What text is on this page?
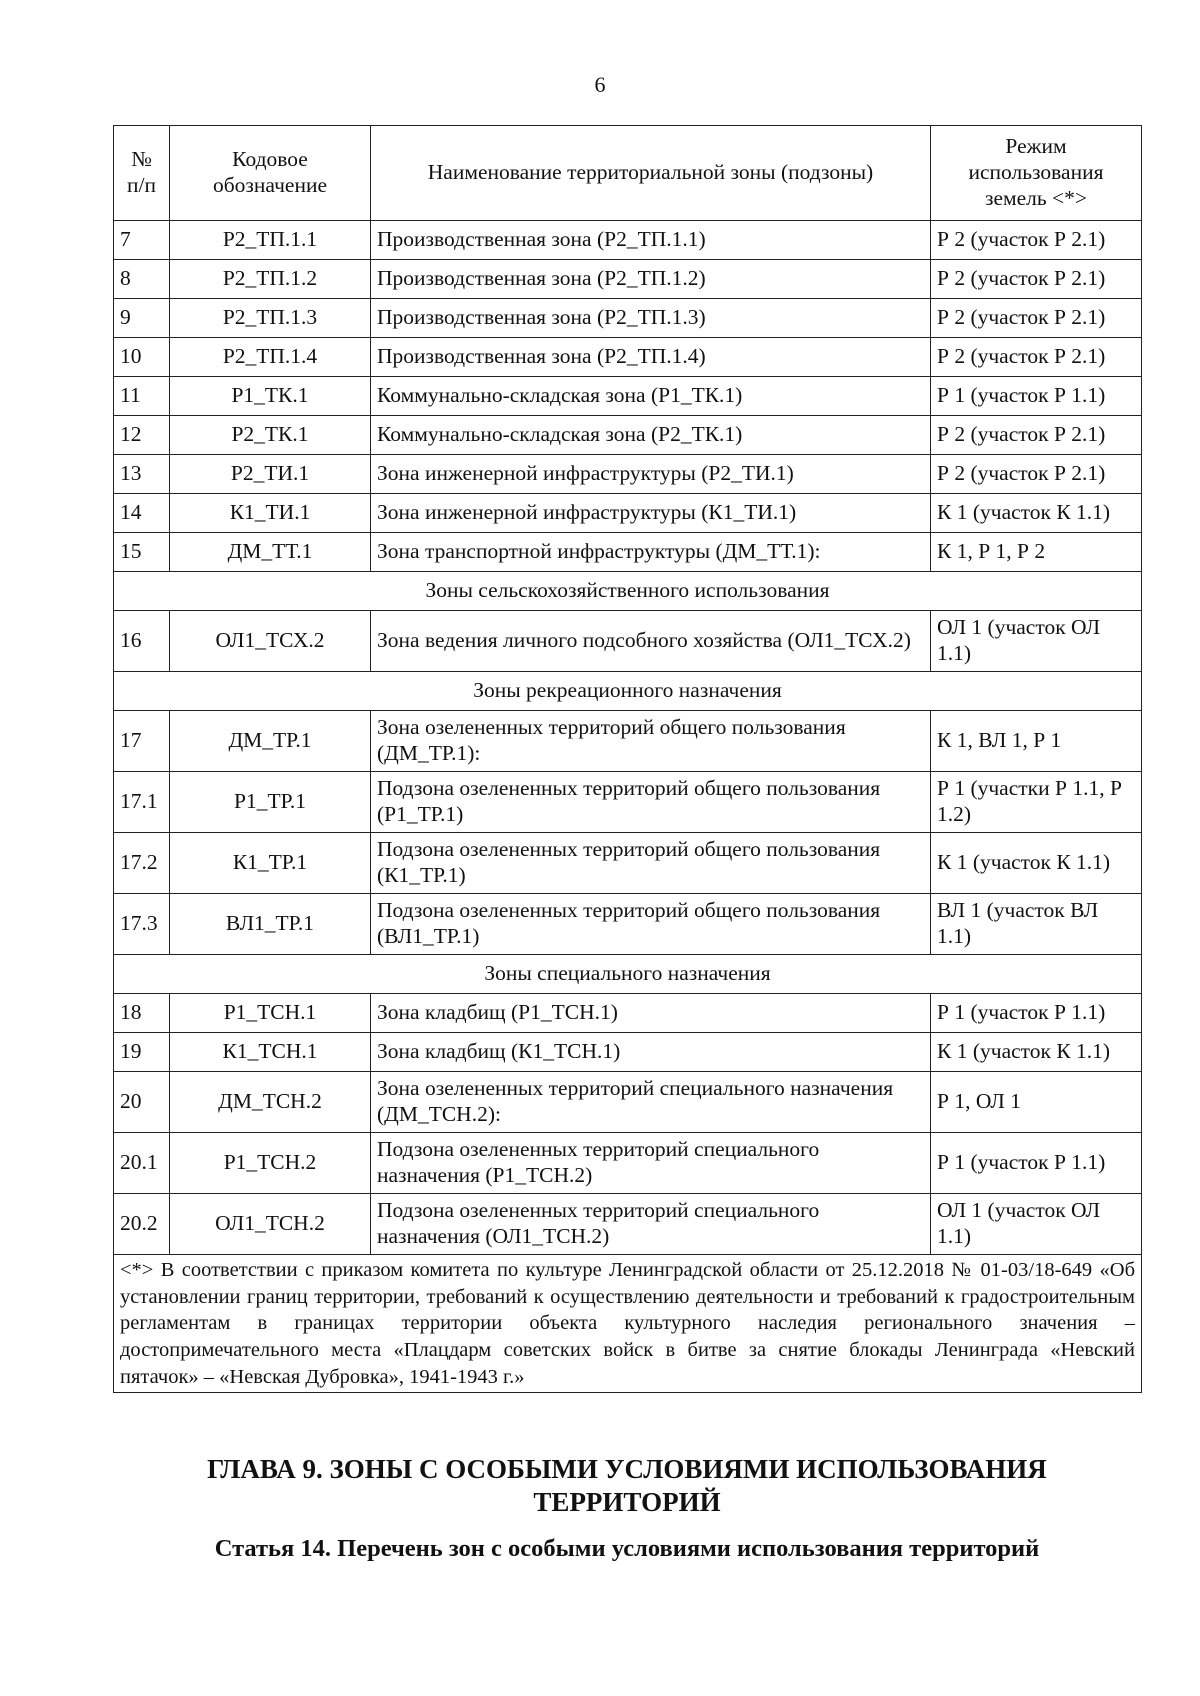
6
№ п/п	Кодовое обозначение	Наименование территориальной зоны (подзоны)	Режим использования земель <*>
7	Р2_ТП.1.1	Производственная зона (Р2_ТП.1.1)	Р 2 (участок Р 2.1)
8	Р2_ТП.1.2	Производственная зона (Р2_ТП.1.2)	Р 2 (участок Р 2.1)
9	Р2_ТП.1.3	Производственная зона (Р2_ТП.1.3)	Р 2 (участок Р 2.1)
10	Р2_ТП.1.4	Производственная зона (Р2_ТП.1.4)	Р 2 (участок Р 2.1)
11	Р1_ТК.1	Коммунально-складская зона (Р1_ТК.1)	Р 1 (участок Р 1.1)
12	Р2_ТК.1	Коммунально-складская зона (Р2_ТК.1)	Р 2 (участок Р 2.1)
13	Р2_ТИ.1	Зона инженерной инфраструктуры (Р2_ТИ.1)	Р 2 (участок Р 2.1)
14	К1_ТИ.1	Зона инженерной инфраструктуры (К1_ТИ.1)	К 1 (участок К 1.1)
15	ДМ_ТТ.1	Зона транспортной инфраструктуры (ДМ_ТТ.1):	К 1, Р 1, Р 2
Зоны сельскохозяйственного использования			
16	ОЛ1_ТСХ.2	Зона ведения личного подсобного хозяйства (ОЛ1_ТСХ.2)	ОЛ 1 (участок ОЛ 1.1)
Зоны рекреационного назначения			
17	ДМ_ТР.1	Зона озелененных территорий общего пользования (ДМ_ТР.1):	К 1, ВЛ 1, Р 1
17.1	Р1_ТР.1	Подзона озелененных территорий общего пользования (Р1_ТР.1)	Р 1 (участки Р 1.1, Р 1.2)
17.2	К1_ТР.1	Подзона озелененных территорий общего пользования (К1_ТР.1)	К 1 (участок К 1.1)
17.3	ВЛ1_ТР.1	Подзона озелененных территорий общего пользования (ВЛ1_ТР.1)	ВЛ 1 (участок ВЛ 1.1)
Зоны специального назначения			
18	Р1_ТСН.1	Зона кладбищ (Р1_ТСН.1)	Р 1 (участок Р 1.1)
19	К1_ТСН.1	Зона кладбищ (К1_ТСН.1)	К 1 (участок К 1.1)
20	ДМ_ТСН.2	Зона озелененных территорий специального назначения (ДМ_ТСН.2):	Р 1, ОЛ 1
20.1	Р1_ТСН.2	Подзона озелененных территорий специального назначения (Р1_ТСН.2)	Р 1 (участок Р 1.1)
20.2	ОЛ1_ТСН.2	Подзона озелененных территорий специального назначения (ОЛ1_ТСН.2)	ОЛ 1 (участок ОЛ 1.1)
<*> В соответствии с приказом комитета по культуре Ленинградской области от 25.12.2018 № 01-03/18-649 «Об установлении границ территории, требований к осуществлению деятельности и требований к градостроительным регламентам в границах территории объекта культурного наследия регионального значения – достопримечательного места «Плацдарм советских войск в битве за снятие блокады Ленинграда «Невский пятачок» – «Невская Дубровка», 1941-1943 г.»			
ГЛАВА 9. ЗОНЫ С ОСОБЫМИ УСЛОВИЯМИ ИСПОЛЬЗОВАНИЯ ТЕРРИТОРИЙ
Статья 14. Перечень зон с особыми условиями использования территорий
